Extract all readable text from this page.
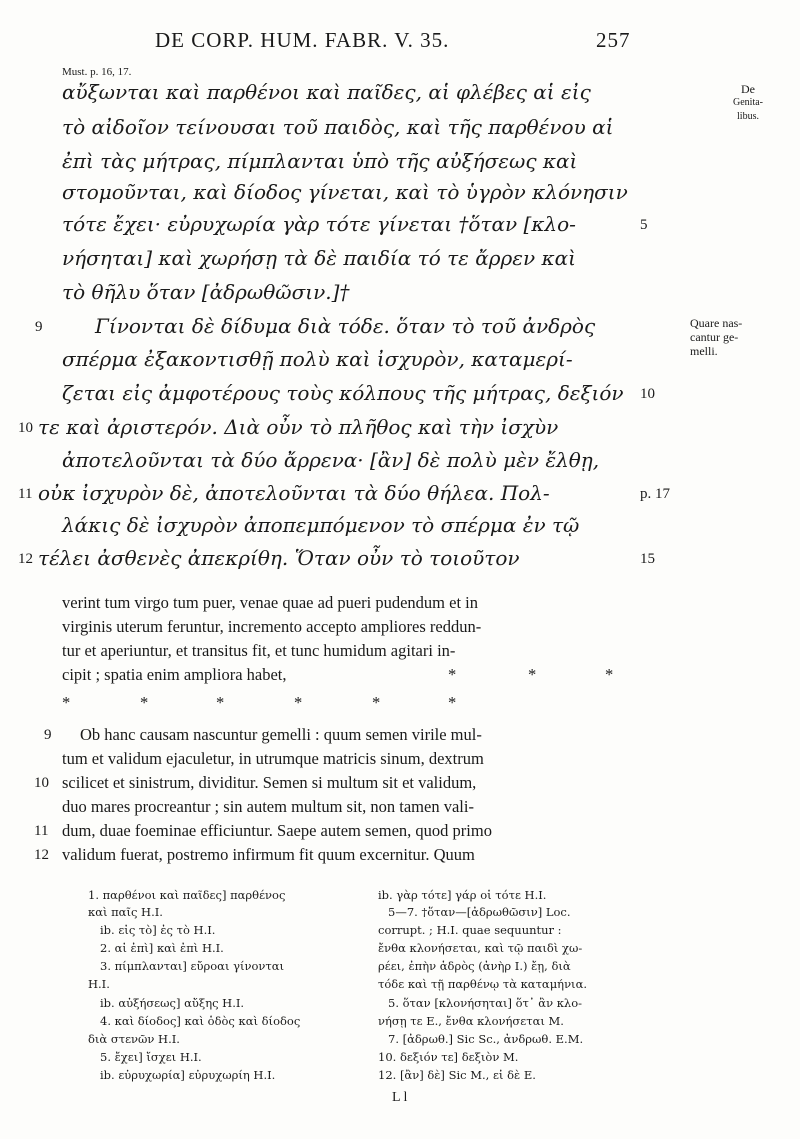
DE CORP. HUM. FABR. V. 35.	257
Must. p. 16, 17.
De
Genita-
libus.
Quare nas-
cantur ge-
melli.
αὔξωνται καὶ παρθένοι καὶ παῖδες, αἱ φλέβες αἱ εἰς
τὸ αἰδοῖον τείνουσαι τοῦ παιδὸς, καὶ τῆς παρθένου αἱ
ἐπὶ τὰς μήτρας, πίμπλανται ὑπὸ τῆς αὐξήσεως καὶ
στομοῦνται, καὶ δίοδος γίνεται, καὶ τὸ ὑγρὸν κλόνησιν
τότε ἔχει· εὐρυχωρία γὰρ τότε γίνεται †ὅταν [κλο-
νήσηται] καὶ χωρήσῃ τὰ δὲ παιδία τό τε ἄρρεν καὶ
τὸ θῆλυ ὅταν [ἀδρωθῶσιν.]†
Γίνονται δὲ δίδυμα διὰ τόδε. ὅταν τὸ τοῦ ἀνδρὸς
σπέρμα ἐξακοντισθῇ πολὺ καὶ ἰσχυρὸν, καταμερί-
ζεται εἰς ἀμφοτέρους τοὺς κόλπους τῆς μήτρας, δεξιόν
τε καὶ ἀριστερόν. Διὰ οὖν τὸ πλῆθος καὶ τὴν ἰσχὺν
ἀποτελοῦνται τὰ δύο ἄρρενα· [ἂν] δὲ πολὺ μὲν ἔλθῃ,
οὐκ ἰσχυρὸν δὲ, ἀποτελοῦνται τὰ δύο θήλεα. Πολ-
λάκις δὲ ἰσχυρὸν ἀποπεμπόμενον τὸ σπέρμα ἐν τῷ
τέλει ἀσθενὲς ἀπεκρίθη. Ὅταν οὖν τὸ τοιοῦτον
9
10
11
12
5
10
p. 17
15
verint tum virgo tum puer, venae quae ad pueri pudendum et in
virginis uterum feruntur, incremento accepto ampliores reddun-
tur et aperiuntur, et transitus fit, et tunc humidum agitari in-
cipit ; spatia enim ampliora habet,	*	*	*
*	*	*	*	*	*
Ob hanc causam nascuntur gemelli : quum semen virile mul-
tum et validum ejaculetur, in utrumque matricis sinum, dextrum
scilicet et sinistrum, dividitur. Semen si multum sit et validum,
duo mares procreantur ; sin autem multum sit, non tamen vali-
dum, duae foeminae efficiuntur. Saepe autem semen, quod primo
validum fuerat, postremo infirmum fit quum excernitur. Quum
9
10
11
12
1. παρθένοι καὶ παῖδες] παρθένος
καὶ παῖς H.I.
ib. εἰς τὸ] ἐς τὸ H.I.
2. αἱ ἐπὶ] καὶ ἐπὶ H.I.
3. πίμπλανται] εὔροαι γίνονται
H.I.
ib. αὐξήσεως] αὔξης H.I.
4. καὶ δίοδος] καὶ ὁδὸς καὶ δίοδος
διὰ στενῶν H.I.
5. ἔχει] ἴσχει H.I.
ib. εὐρυχωρία] εὐρυχωρίη H.I.
ib. γὰρ τότε] γάρ οἱ τότε H.I.
5—7. †ὅταν—[ἀδρωθῶσιν] Loc.
corrupt. ; H.I. quae sequuntur :
ἔνθα κλονήσεται, καὶ τῷ παιδὶ χω-
ρέει, ἐπὴν ἁδρὸς (ἀνὴρ I.) ἔῃ, διὰ
τόδε καὶ τῇ παρθένῳ τὰ καταμήνια.
5. ὅταν [κλονήσηται] ὅτ᾽ ἂν κλο-
νήσῃ τε E., ἔνθα κλονήσεται M.
7. [ἀδρωθ.] Sic Sc., ἀνδρωθ. E.M.
10. δεξιόν τε] δεξιὸν M.
12. [ἂν] δὲ] Sic M., εἰ δὲ E.
L l
